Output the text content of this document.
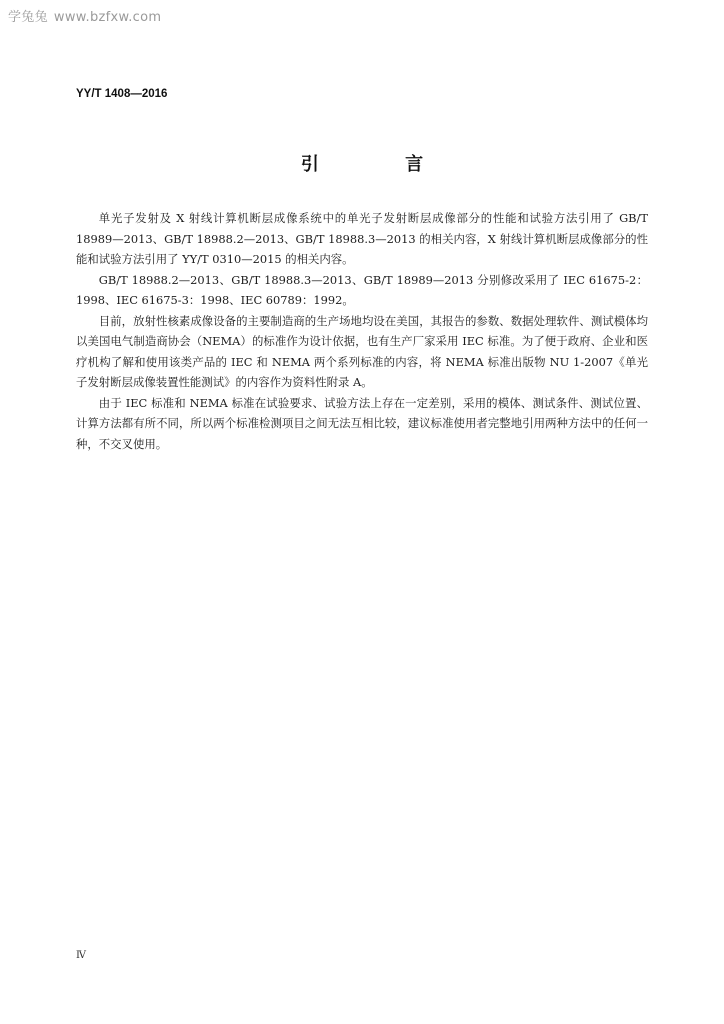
学兔兔 www.bzfxw.com
YY/T 1408—2016
引 言

单光子发射及 X 射线计算机断层成像系统中的单光子发射断层成像部分的性能和试验方法引用了 GB/T 18989—2013、GB/T 18988.2—2013、GB/T 18988.3—2013 的相关内容，X 射线计算机断层成像部分的性能和试验方法引用了 YY/T 0310—2015 的相关内容。

GB/T 18988.2—2013、GB/T 18988.3—2013、GB/T 18989—2013 分别修改采用了 IEC 61675-2：1998、IEC 61675-3：1998、IEC 60789：1992。

目前，放射性核素成像设备的主要制造商的生产场地均设在美国，其报告的参数、数据处理软件、测试模体均以美国电气制造商协会（NEMA）的标准作为设计依据，也有生产厂家采用 IEC 标准。为了便于政府、企业和医疗机构了解和使用该类产品的 IEC 和 NEMA 两个系列标准的内容，将 NEMA 标准出版物 NU 1-2007《单光子发射断层成像装置性能测试》的内容作为资料性附录 A。

由于 IEC 标准和 NEMA 标准在试验要求、试验方法上存在一定差别，采用的模体、测试条件、测试位置、计算方法都有所不同，所以两个标准检测项目之间无法互相比较，建议标准使用者完整地引用两种方法中的任何一种，不交叉使用。

Ⅳ
